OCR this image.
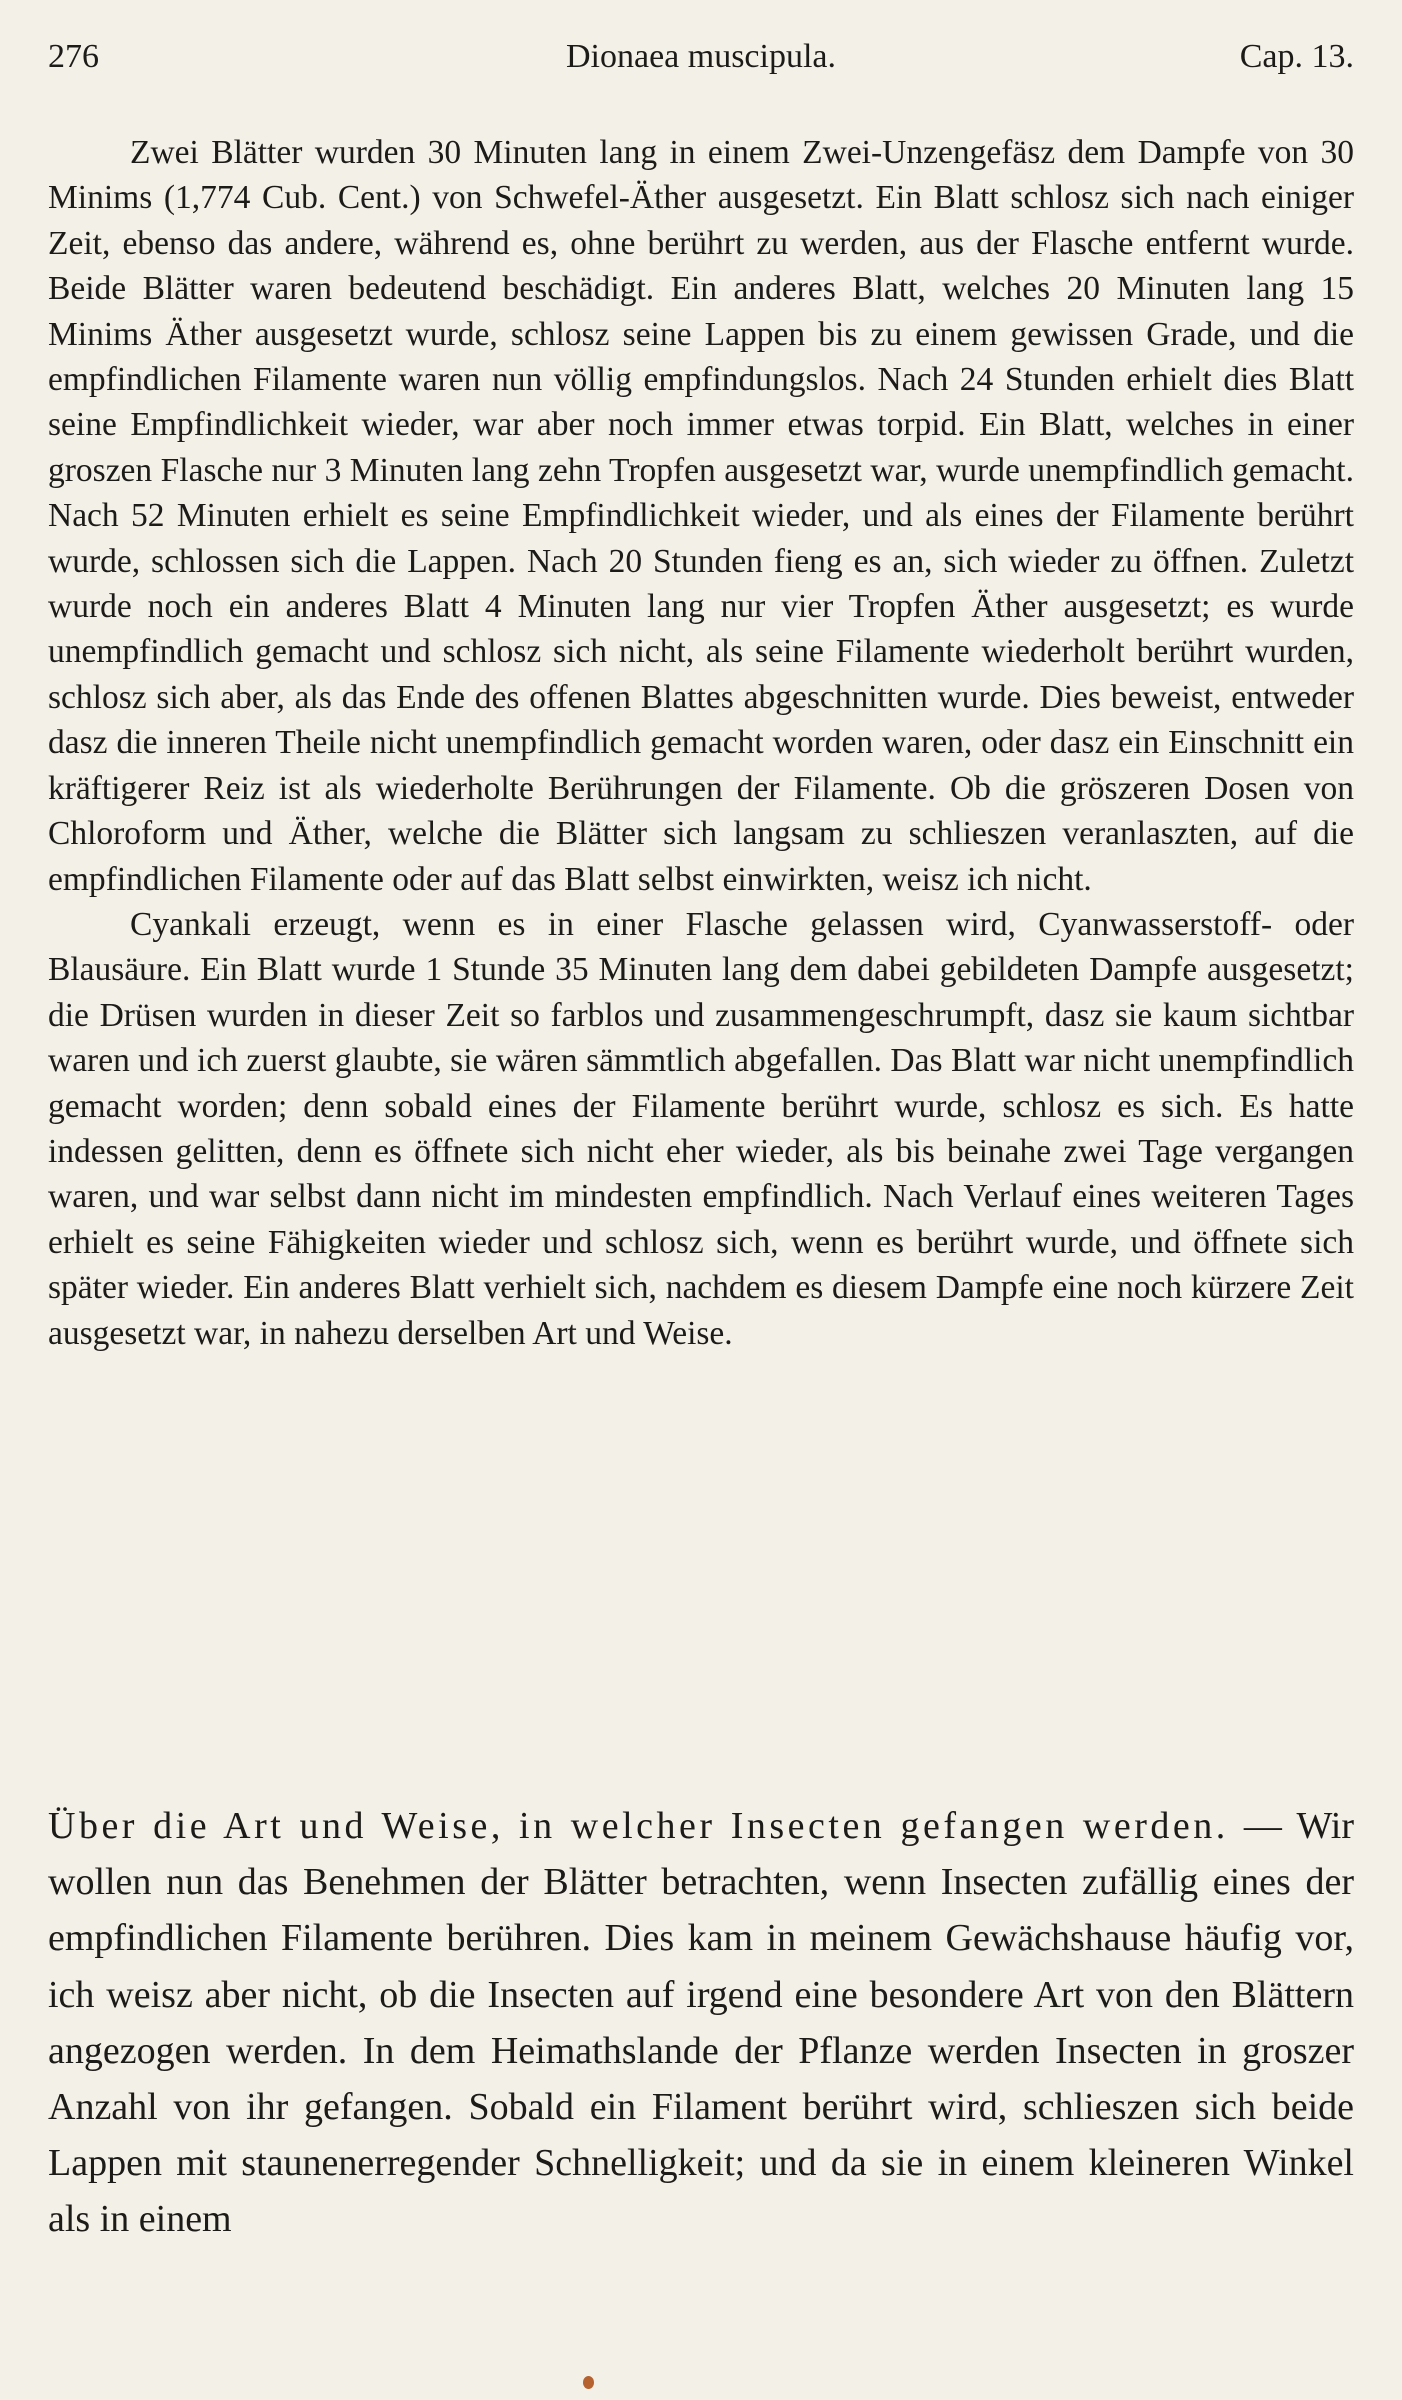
276	Dionaea muscipula.	Cap. 13.

Zwei Blätter wurden 30 Minuten lang in einem Zwei-Unzengefäsz dem Dampfe von 30 Minims (1,774 Cub. Cent.) von Schwefel-Äther ausgesetzt. Ein Blatt schlosz sich nach einiger Zeit, ebenso das andere, während es, ohne berührt zu werden, aus der Flasche entfernt wurde. Beide Blätter waren bedeutend beschädigt. Ein anderes Blatt, welches 20 Minuten lang 15 Minims Äther ausgesetzt wurde, schlosz seine Lappen bis zu einem gewissen Grade, und die empfindlichen Filamente waren nun völlig empfindungslos. Nach 24 Stunden erhielt dies Blatt seine Empfindlichkeit wieder, war aber noch immer etwas torpid. Ein Blatt, welches in einer groszen Flasche nur 3 Minuten lang zehn Tropfen ausgesetzt war, wurde unempfindlich gemacht. Nach 52 Minuten erhielt es seine Empfindlichkeit wieder, und als eines der Filamente berührt wurde, schlossen sich die Lappen. Nach 20 Stunden fieng es an, sich wieder zu öffnen. Zuletzt wurde noch ein anderes Blatt 4 Minuten lang nur vier Tropfen Äther ausgesetzt; es wurde unempfindlich gemacht und schlosz sich nicht, als seine Filamente wiederholt berührt wurden, schlosz sich aber, als das Ende des offenen Blattes abgeschnitten wurde. Dies beweist, entweder dasz die inneren Theile nicht unempfindlich gemacht worden waren, oder dasz ein Einschnitt ein kräftigerer Reiz ist als wiederholte Berührungen der Filamente. Ob die gröszeren Dosen von Chloroform und Äther, welche die Blätter sich langsam zu schlieszen veranlaszten, auf die empfindlichen Filamente oder auf das Blatt selbst einwirkten, weisz ich nicht.

Cyankali erzeugt, wenn es in einer Flasche gelassen wird, Cyanwasserstoff- oder Blausäure. Ein Blatt wurde 1 Stunde 35 Minuten lang dem dabei gebildeten Dampfe ausgesetzt; die Drüsen wurden in dieser Zeit so farblos und zusammengeschrumpft, dasz sie kaum sichtbar waren und ich zuerst glaubte, sie wären sämmtlich abgefallen. Das Blatt war nicht unempfindlich gemacht worden; denn sobald eines der Filamente berührt wurde, schlosz es sich. Es hatte indessen gelitten, denn es öffnete sich nicht eher wieder, als bis beinahe zwei Tage vergangen waren, und war selbst dann nicht im mindesten empfindlich. Nach Verlauf eines weiteren Tages erhielt es seine Fähigkeiten wieder und schlosz sich, wenn es berührt wurde, und öffnete sich später wieder. Ein anderes Blatt verhielt sich, nachdem es diesem Dampfe eine noch kürzere Zeit ausgesetzt war, in nahezu derselben Art und Weise.

Über die Art und Weise, in welcher Insecten gefangen werden. — Wir wollen nun das Benehmen der Blätter betrachten, wenn Insecten zufällig eines der empfindlichen Filamente berühren. Dies kam in meinem Gewächshause häufig vor, ich weisz aber nicht, ob die Insecten auf irgend eine besondere Art von den Blättern angezogen werden. In dem Heimathslande der Pflanze werden Insecten in groszer Anzahl von ihr gefangen. Sobald ein Filament berührt wird, schlieszen sich beide Lappen mit staunenerregender Schnelligkeit; und da sie in einem kleineren Winkel als in einem
